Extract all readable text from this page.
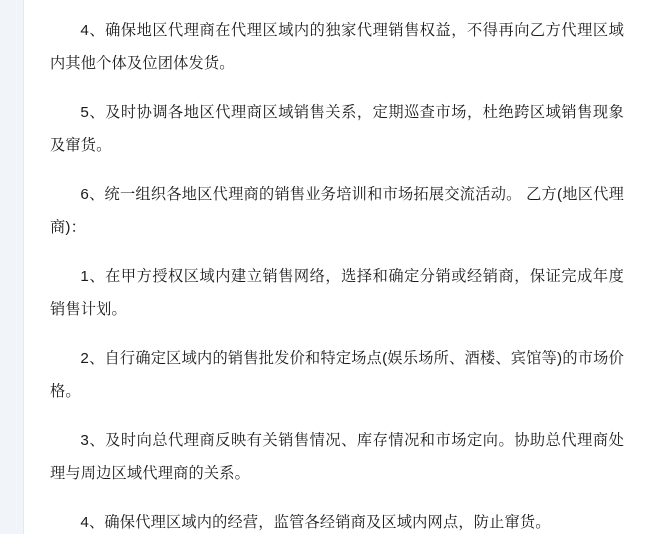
4、确保地区代理商在代理区域内的独家代理销售权益，不得再向乙方代理区域内其他个体及位团体发货。

5、及时协调各地区代理商区域销售关系，定期巡查市场，杜绝跨区域销售现象及窜货。

6、统一组织各地区代理商的销售业务培训和市场拓展交流活动。 乙方(地区代理商)：

1、在甲方授权区域内建立销售网络，选择和确定分销或经销商，保证完成年度销售计划。

2、自行确定区域内的销售批发价和特定场点(娱乐场所、酒楼、宾馆等)的市场价格。

3、及时向总代理商反映有关销售情况、库存情况和市场定向。协助总代理商处理与周边区域代理商的关系。

4、确保代理区域内的经营，监管各经销商及区域内网点，防止窜货。
